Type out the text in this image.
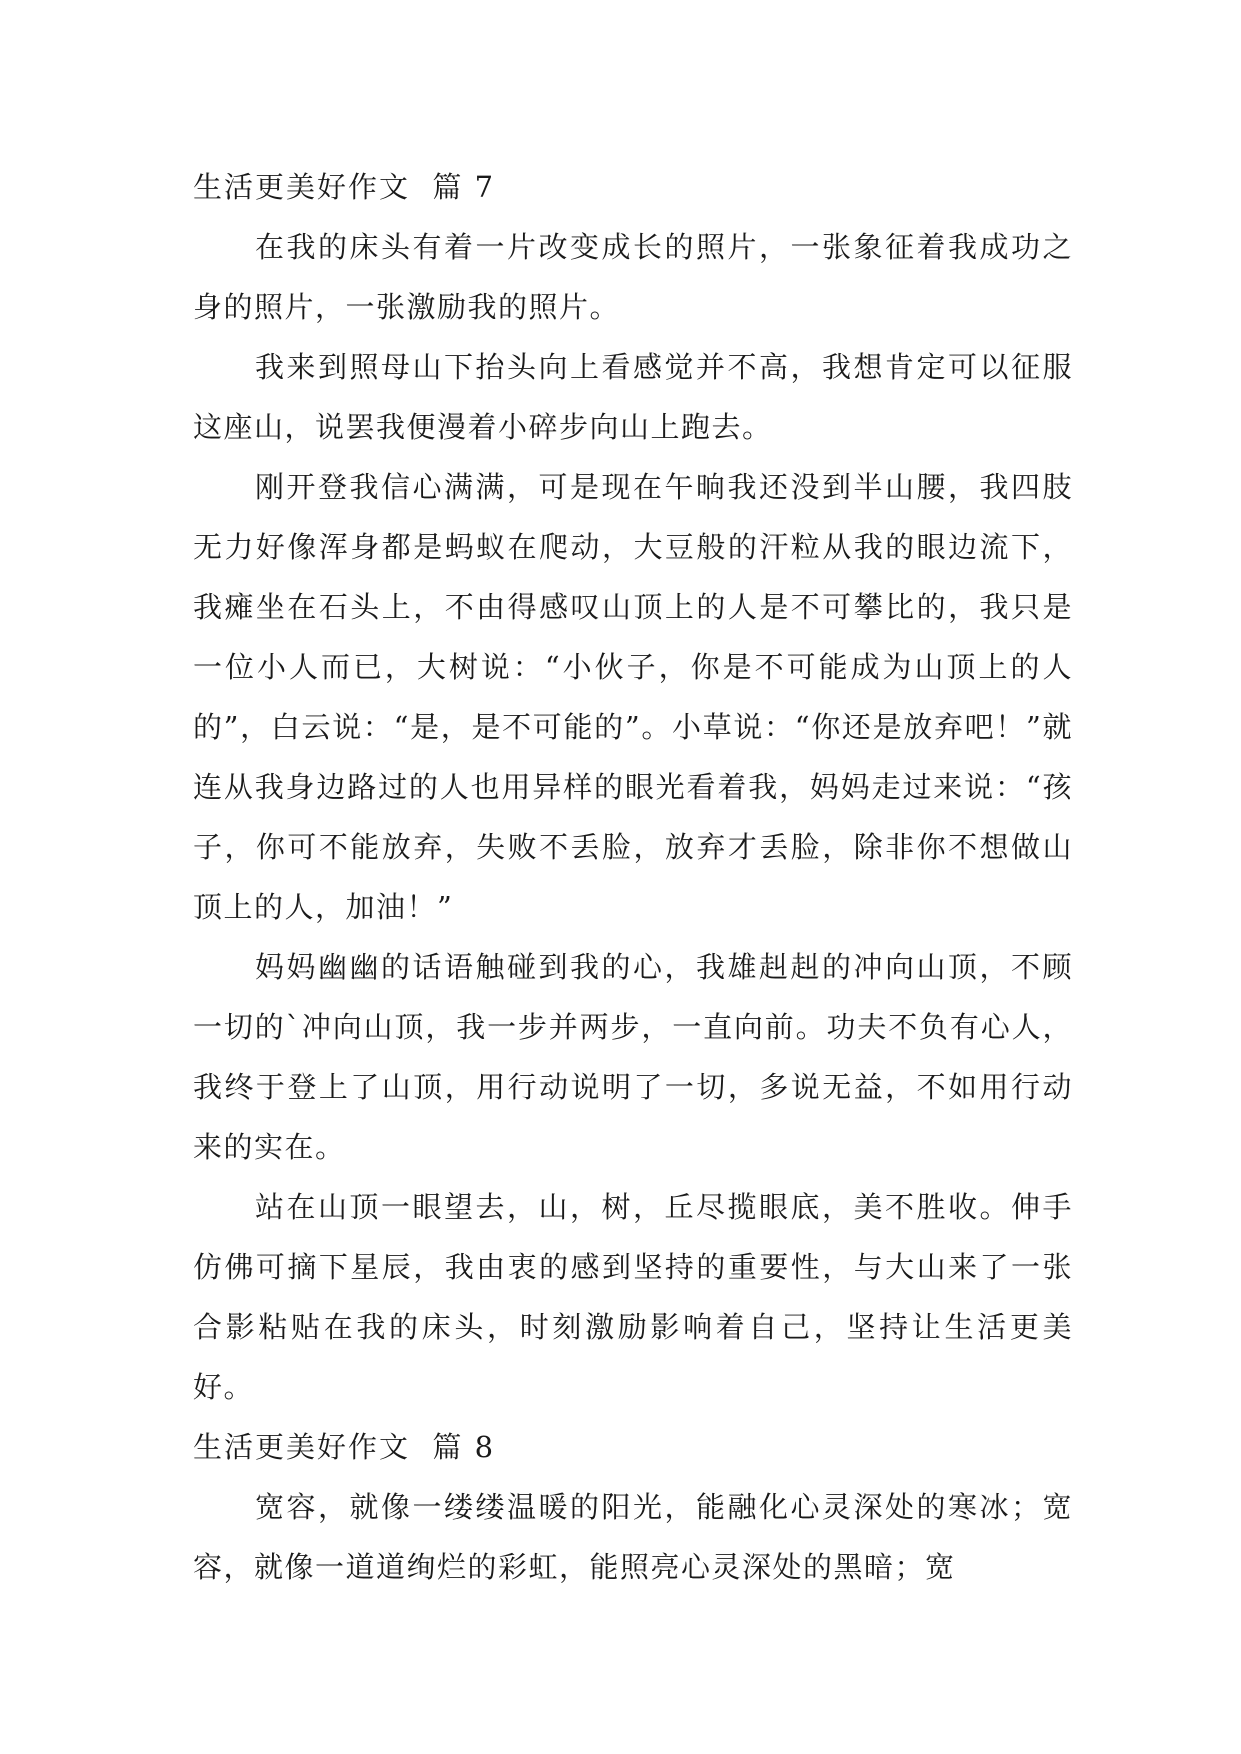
生活更美好作文  篇 7

在我的床头有着一片改变成长的照片，一张象征着我成功之身的照片，一张激励我的照片。

我来到照母山下抬头向上看感觉并不高，我想肯定可以征服这座山，说罢我便漫着小碎步向山上跑去。

刚开登我信心满满，可是现在午晌我还没到半山腰，我四肢无力好像浑身都是蚂蚁在爬动，大豆般的汗粒从我的眼边流下，我瘫坐在石头上，不由得感叹山顶上的人是不可攀比的，我只是一位小人而已，大树说：“小伙子，你是不可能成为山顶上的人的”，白云说：“是，是不可能的”。小草说：“你还是放弃吧！”就连从我身边路过的人也用异样的眼光看着我，妈妈走过来说：“孩子，你可不能放弃，失败不丢脸，放弃才丢脸，除非你不想做山顶上的人，加油！”

妈妈幽幽的话语触碰到我的心，我雄赳赳的冲向山顶，不顾一切的`冲向山顶，我一步并两步，一直向前。功夫不负有心人，我终于登上了山顶，用行动说明了一切，多说无益，不如用行动来的实在。

站在山顶一眼望去，山，树，丘尽揽眼底，美不胜收。伸手仿佛可摘下星辰，我由衷的感到坚持的重要性，与大山来了一张合影粘贴在我的床头，时刻激励影响着自己，坚持让生活更美好。

生活更美好作文  篇 8

宽容，就像一缕缕温暖的阳光，能融化心灵深处的寒冰；宽容，就像一道道绚烂的彩虹，能照亮心灵深处的黑暗；宽
